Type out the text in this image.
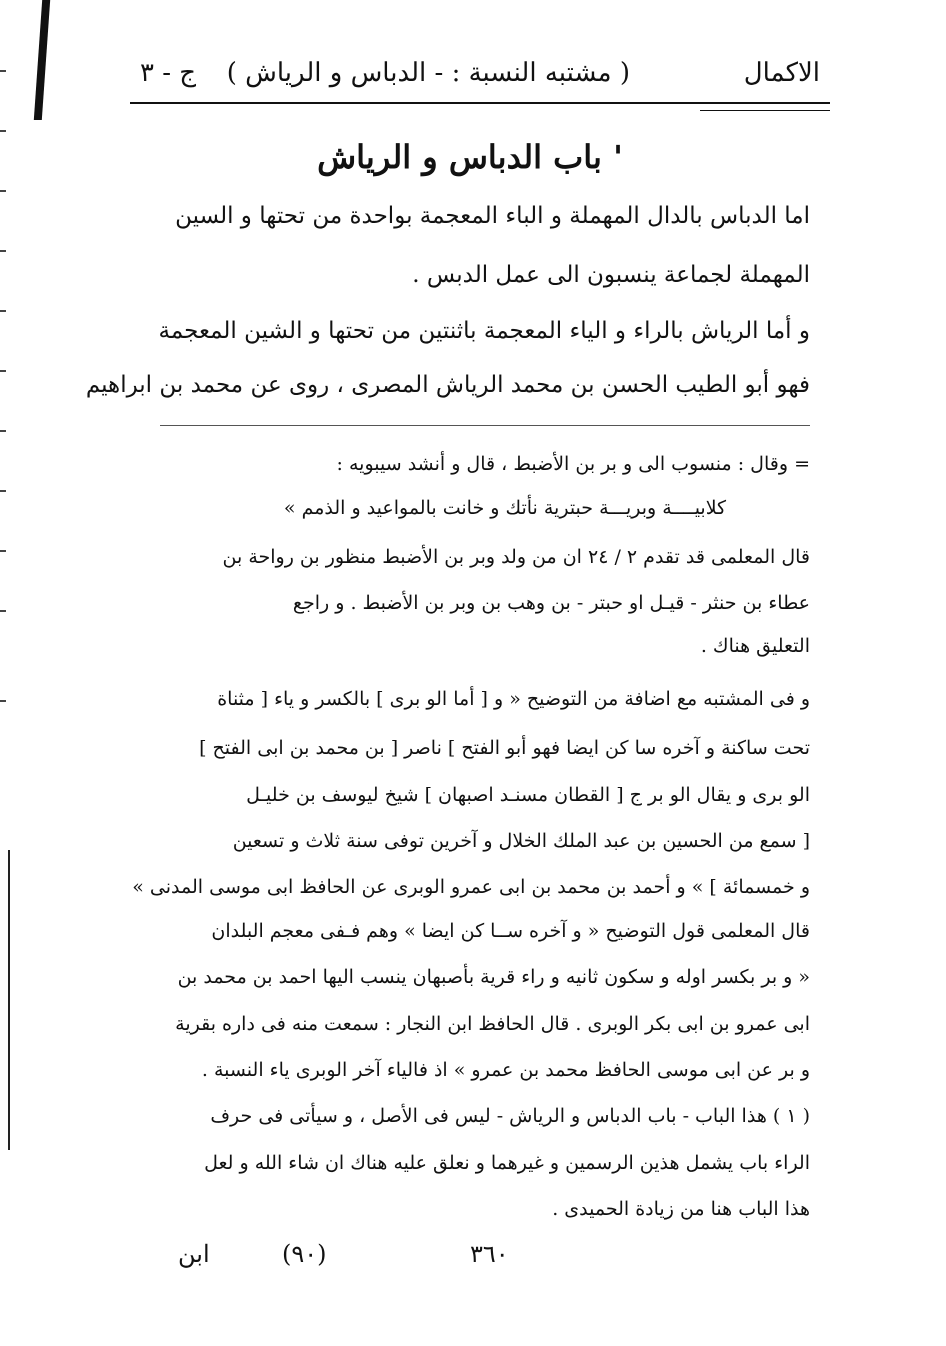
الاكمال
( مشتبه النسبة : - الدباس و الرياش )
ج - ٣
' باب الدباس و الرياش
اما الدباس بالدال المهملة و الباء المعجمة بواحدة من تحتها و السين
المهملة لجماعة ينسبون الى عمل الدبس .
و أما الرياش بالراء و الياء المعجمة باثنتين من تحتها و الشين المعجمة
فهو أبو الطيب الحسن بن محمد الرياش المصرى ، روى عن محمد بن ابراهيم
= وقال : منسوب الى و بر بن الأضبط ، قال و أنشد سيبويه :
كلابيــــة وبريـــة حبترية نأتك و خانت بالمواعيد و الذمم »
قال المعلمى قد تقدم ٢ / ٢٤ ان من ولد وبر بن الأضبط منظور بن رواحة بن
عطاء بن حنثر - قيـل او حبتر - بن وهب بن وبر بن الأضبط . و راجع
التعليق هناك .
و فى المشتبه مع اضافة من التوضيح « و [ أما الو برى ] بالكسر و ياء [ مثناة
تحت ساكنة و آخره سا كن ايضا فهو أبو الفتح ] ناصر [ بن محمد بن ابى الفتح ]
الو برى و يقال الو بر ج [ القطان مسنـد اصبهان ] شيخ ليوسف بن خليـل
[ سمع من الحسين بن عبد الملك الخلال و آخرين توفى سنة ثلاث و تسعين
و خمسمائة ] » و أحمد بن محمد بن ابى عمرو الوبرى عن الحافظ ابى موسى المدنى »
قال المعلمى قول التوضيح « و آخره ســا كن ايضا » وهم فـفى معجم البلدان
« و بر بكسر اوله و سكون ثانيه و راء قرية بأصبهان ينسب اليها احمد بن محمد بن
ابى عمرو بن ابى بكر الوبرى . قال الحافظ ابن النجار : سمعت منه فى داره بقرية
و بر عن ابى موسى الحافظ محمد بن عمرو » اذ فالياء آخر الوبرى ياء النسبة .
( ١ ) هذا الباب - باب الدباس و الرياش - ليس فى الأصل ، و سيأتى فى حرف
الراء باب يشمل هذين الرسمين و غيرهما و نعلق عليه هناك ان شاء الله و لعل
هذا الباب هنا من زيادة الحميدى .
٣٦٠
(٩٠)
ابن
